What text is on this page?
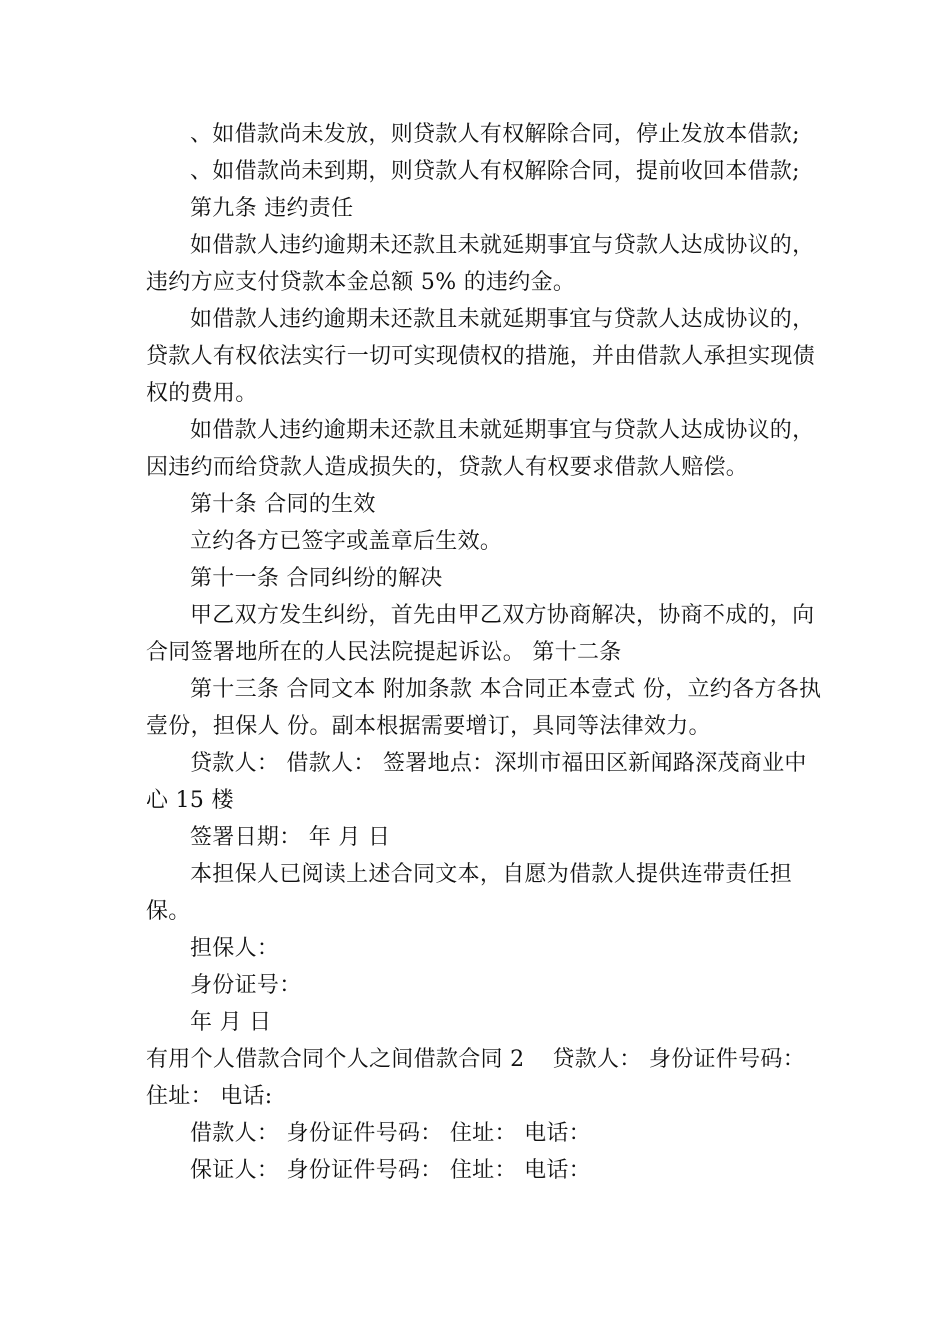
、如借款尚未发放，则贷款人有权解除合同，停止发放本借款;

、如借款尚未到期，则贷款人有权解除合同，提前收回本借款;

第九条 违约责任

如借款人违约逾期未还款且未就延期事宜与贷款人达成协议的，违约方应支付贷款本金总额 5% 的违约金。

如借款人违约逾期未还款且未就延期事宜与贷款人达成协议的，贷款人有权依法实行一切可实现债权的措施，并由借款人承担实现债权的费用。

如借款人违约逾期未还款且未就延期事宜与贷款人达成协议的，因违约而给贷款人造成损失的，贷款人有权要求借款人赔偿。

第十条 合同的生效

立约各方已签字或盖章后生效。

第十一条 合同纠纷的解决

甲乙双方发生纠纷，首先由甲乙双方协商解决，协商不成的，向合同签署地所在的人民法院提起诉讼。 第十二条

第十三条 合同文本 附加条款 本合同正本壹式 份，立约各方各执壹份，担保人 份。副本根据需要增订，具同等法律效力。

贷款人： 借款人： 签署地点：深圳市福田区新闻路深茂商业中心 15 楼

签署日期： 年 月 日

本担保人已阅读上述合同文本，自愿为借款人提供连带责任担保。

担保人：

身份证号：

年 月 日

有用个人借款合同个人之间借款合同 2 贷款人： 身份证件号码：

住址： 电话:

借款人： 身份证件号码： 住址： 电话：

保证人： 身份证件号码： 住址： 电话：
